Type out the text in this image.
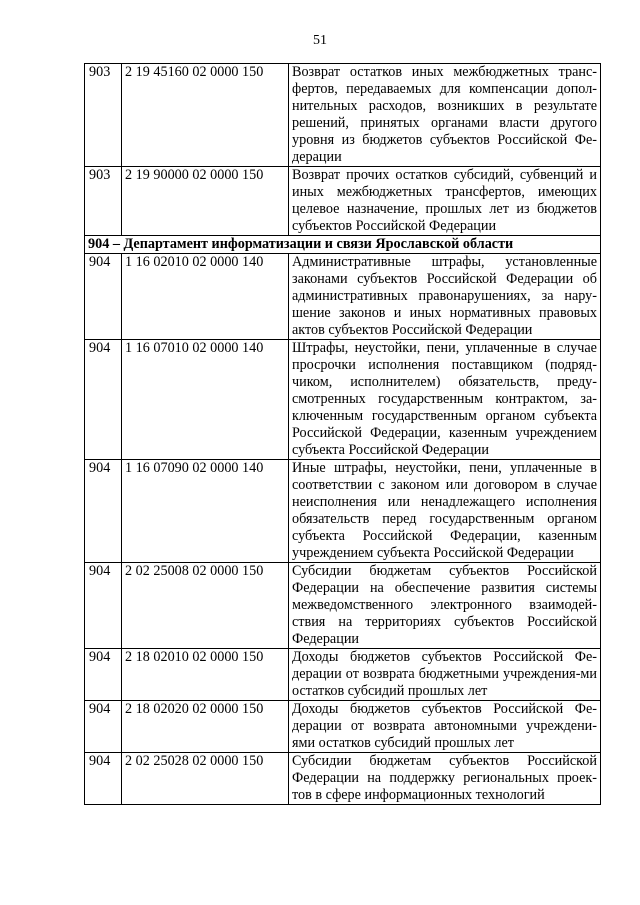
51
903	2 19 45160 02 0000 150	Возврат остатков иных межбюджетных транс-​фертов, передаваемых для компенсации допол-​нительных расходов, возникших в результате решений, принятых органами власти другого уровня из бюджетов субъектов Российской Фе-​дерации
903	2 19 90000 02 0000 150	Возврат прочих остатков субсидий, субвенций и иных межбюджетных трансфертов, имеющих целевое назначение, прошлых лет из бюджетов субъектов Российской Федерации
904 – Департамент информатизации и связи Ярославской области		
904	1 16 02010 02 0000 140	Административные штрафы, установленные законами субъектов Российской Федерации об административных правонарушениях, за нару-​шение законов и иных нормативных правовых актов субъектов Российской Федерации
904	1 16 07010 02 0000 140	Штрафы, неустойки, пени, уплаченные в случае просрочки исполнения поставщиком (подряд-​чиком, исполнителем) обязательств, преду-​смотренных государственным контрактом, за-​ключенным государственным органом субъекта Российской Федерации, казенным учреждением субъекта Российской Федерации
904	1 16 07090 02 0000 140	Иные штрафы, неустойки, пени, уплаченные в соответствии с законом или договором в случае неисполнения или ненадлежащего исполнения обязательств перед государственным органом субъекта Российской Федерации, казенным учреждением субъекта Российской Федерации
904	2 02 25008 02 0000 150	Субсидии бюджетам субъектов Российской Федерации на обеспечение развития системы межведомственного электронного взаимодей-​ствия на территориях субъектов Российской Федерации
904	2 18 02010 02 0000 150	Доходы бюджетов субъектов Российской Фе-​дерации от возврата бюджетными учреждения-​ми остатков субсидий прошлых лет
904	2 18 02020 02 0000 150	Доходы бюджетов субъектов Российской Фе-​дерации от возврата автономными учреждени-​ями остатков субсидий прошлых лет
904	2 02 25028 02 0000 150	Субсидии бюджетам субъектов Российской Федерации на поддержку региональных проек-​тов в сфере информационных технологий
